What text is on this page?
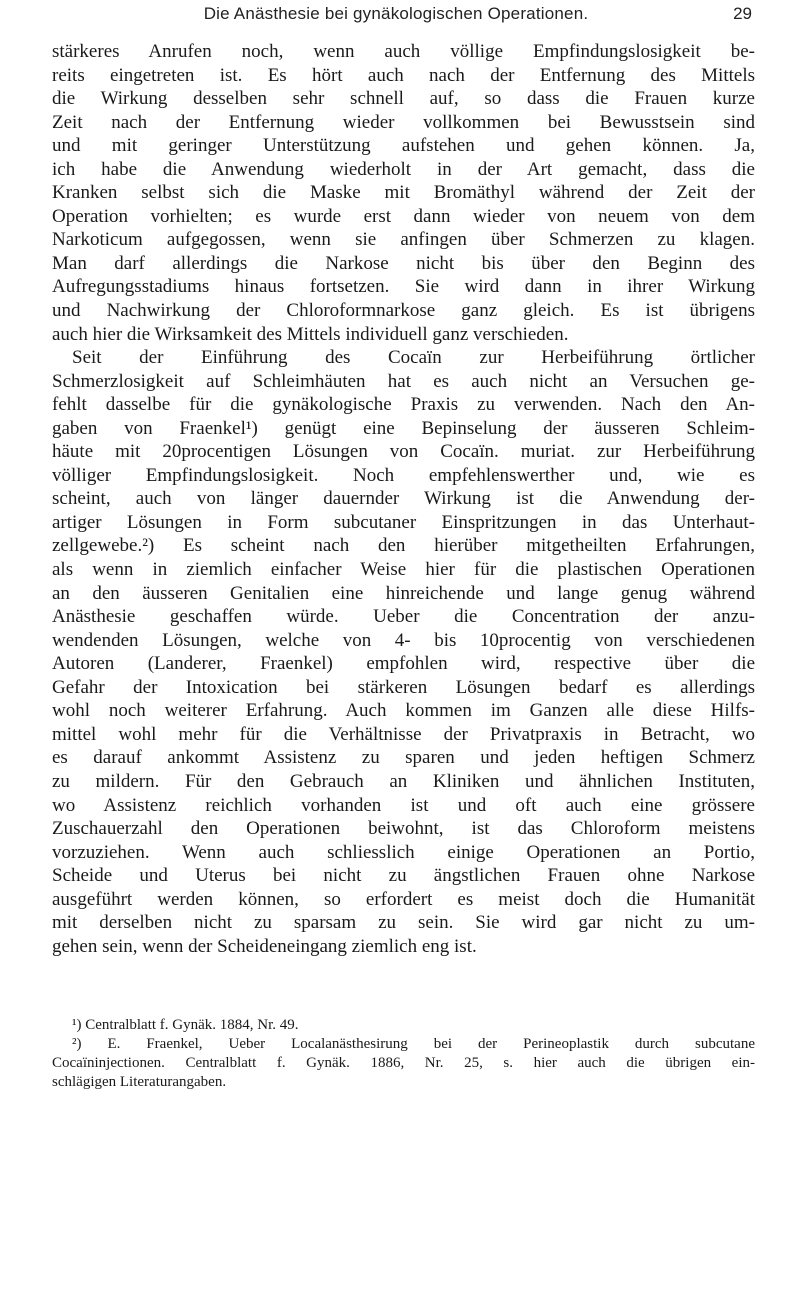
Die Anästhesie bei gynäkologischen Operationen.	29
stärkeres Anrufen noch, wenn auch völlige Empfindungslosigkeit be-
reits eingetreten ist. Es hört auch nach der Entfernung des Mittels
die Wirkung desselben sehr schnell auf, so dass die Frauen kurze
Zeit nach der Entfernung wieder vollkommen bei Bewusstsein sind
und mit geringer Unterstützung aufstehen und gehen können. Ja,
ich habe die Anwendung wiederholt in der Art gemacht, dass die
Kranken selbst sich die Maske mit Bromäthyl während der Zeit der
Operation vorhielten; es wurde erst dann wieder von neuem von dem
Narkoticum aufgegossen, wenn sie anfingen über Schmerzen zu klagen.
Man darf allerdings die Narkose nicht bis über den Beginn des
Aufregungsstadiums hinaus fortsetzen. Sie wird dann in ihrer Wirkung
und Nachwirkung der Chloroformnarkose ganz gleich. Es ist übrigens
auch hier die Wirksamkeit des Mittels individuell ganz verschieden.
Seit der Einführung des Cocaïn zur Herbeiführung örtlicher
Schmerzlosigkeit auf Schleimhäuten hat es auch nicht an Versuchen ge-
fehlt dasselbe für die gynäkologische Praxis zu verwenden. Nach den An-
gaben von Fraenkel¹) genügt eine Bepinselung der äusseren Schleim-
häute mit 20procentigen Lösungen von Cocaïn. muriat. zur Herbeiführung
völliger Empfindungslosigkeit. Noch empfehlenswerther und, wie es
scheint, auch von länger dauernder Wirkung ist die Anwendung der-
artiger Lösungen in Form subcutaner Einspritzungen in das Unterhaut-
zellgewebe.²) Es scheint nach den hierüber mitgetheilten Erfahrungen,
als wenn in ziemlich einfacher Weise hier für die plastischen Operationen
an den äusseren Genitalien eine hinreichende und lange genug während
Anästhesie geschaffen würde. Ueber die Concentration der anzu-
wendenden Lösungen, welche von 4- bis 10procentig von verschiedenen
Autoren (Landerer, Fraenkel) empfohlen wird, respective über die
Gefahr der Intoxication bei stärkeren Lösungen bedarf es allerdings
wohl noch weiterer Erfahrung. Auch kommen im Ganzen alle diese Hilfs-
mittel wohl mehr für die Verhältnisse der Privatpraxis in Betracht, wo
es darauf ankommt Assistenz zu sparen und jeden heftigen Schmerz
zu mildern. Für den Gebrauch an Kliniken und ähnlichen Instituten,
wo Assistenz reichlich vorhanden ist und oft auch eine grössere
Zuschauerzahl den Operationen beiwohnt, ist das Chloroform meistens
vorzuziehen. Wenn auch schliesslich einige Operationen an Portio,
Scheide und Uterus bei nicht zu ängstlichen Frauen ohne Narkose
ausgeführt werden können, so erfordert es meist doch die Humanität
mit derselben nicht zu sparsam zu sein. Sie wird gar nicht zu um-
gehen sein, wenn der Scheideneingang ziemlich eng ist.
¹) Centralblatt f. Gynäk. 1884, Nr. 49.
²) E. Fraenkel, Ueber Localanästhesirung bei der Perineoplastik durch subcutane
Cocaïninjectionen. Centralblatt f. Gynäk. 1886, Nr. 25, s. hier auch die übrigen ein-
schlägigen Literaturangaben.
